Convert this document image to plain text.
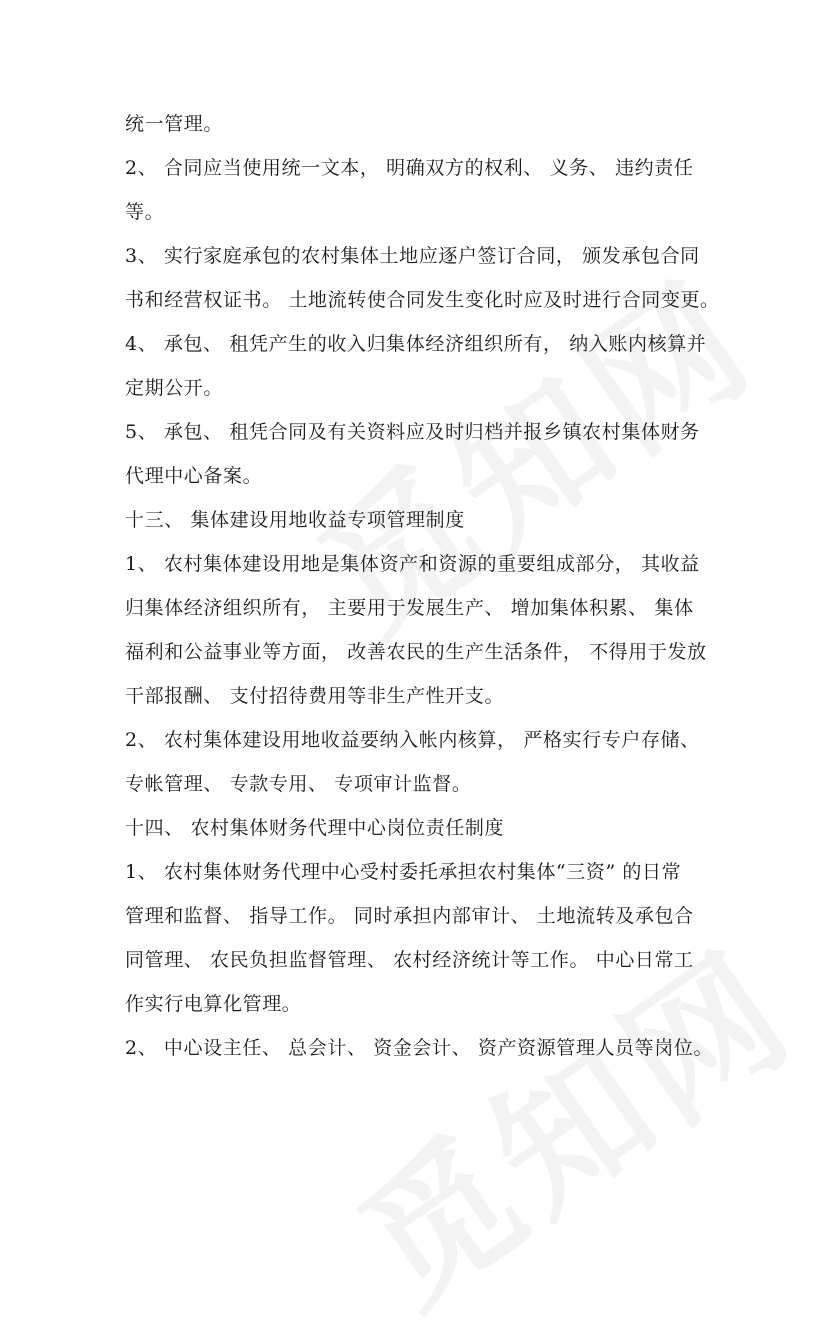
统一管理。
2、 合同应当使用统一文本， 明确双方的权利、 义务、 违约责任
等。
3、 实行家庭承包的农村集体土地应逐户签订合同， 颁发承包合同
书和经营权证书。 土地流转使合同发生变化时应及时进行合同变更。
4、 承包、 租凭产生的收入归集体经济组织所有， 纳入账内核算并
定期公开。
5、 承包、 租凭合同及有关资料应及时归档并报乡镇农村集体财务
代理中心备案。
十三、 集体建设用地收益专项管理制度
1、 农村集体建设用地是集体资产和资源的重要组成部分， 其收益
归集体经济组织所有， 主要用于发展生产、 增加集体积累、 集体
福利和公益事业等方面， 改善农民的生产生活条件， 不得用于发放
干部报酬、 支付招待费用等非生产性开支。
2、 农村集体建设用地收益要纳入帐内核算， 严格实行专户存储、
专帐管理、 专款专用、 专项审计监督。
十四、 农村集体财务代理中心岗位责任制度
1、 农村集体财务代理中心受村委托承担农村集体“三资” 的日常
管理和监督、 指导工作。 同时承担内部审计、 土地流转及承包合
同管理、 农民负担监督管理、 农村经济统计等工作。 中心日常工
作实行电算化管理。
2、 中心设主任、 总会计、 资金会计、 资产资源管理人员等岗位。
